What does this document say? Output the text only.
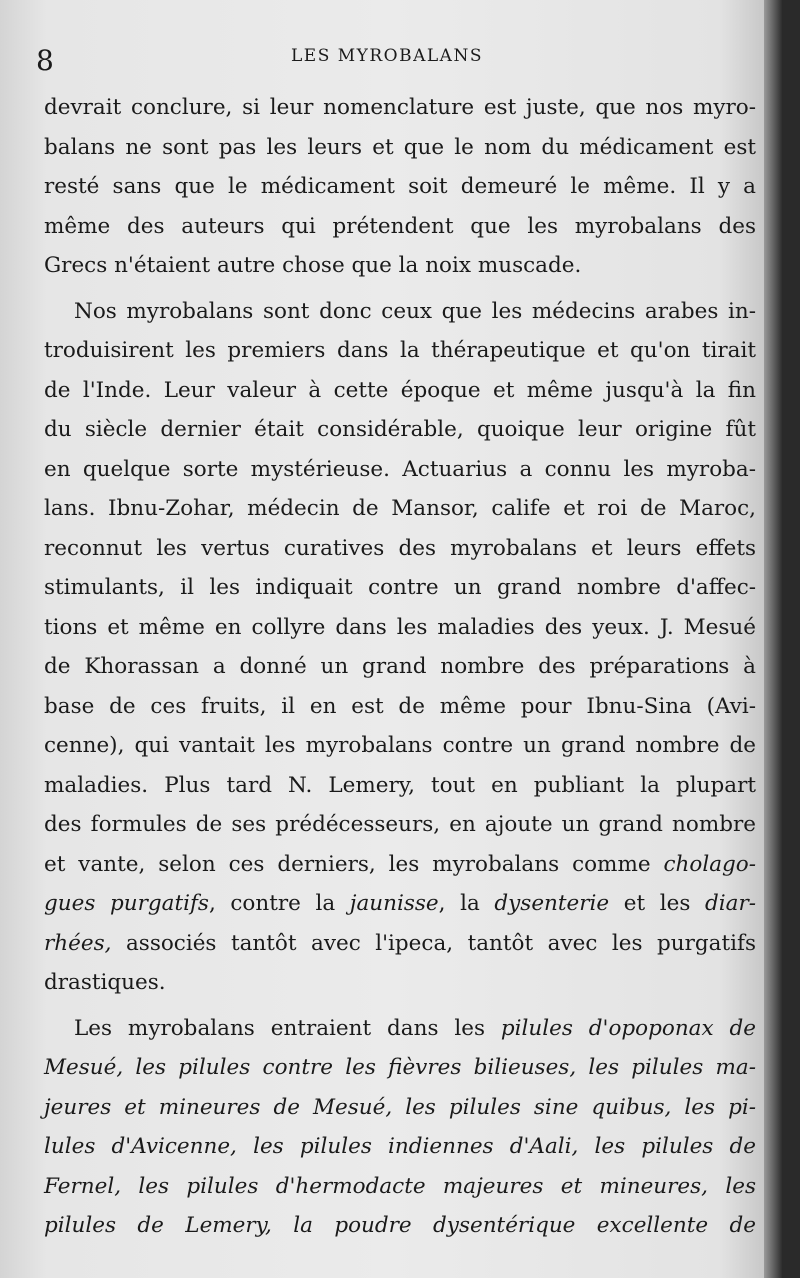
8	LES MYROBALANS

devrait conclure, si leur nomenclature est juste, que nos myro-
balans ne sont pas les leurs et que le nom du médicament est
resté sans que le médicament soit demeuré le même. Il y a
même des auteurs qui prétendent que les myrobalans des
Grecs n'étaient autre chose que la noix muscade.

Nos myrobalans sont donc ceux que les médecins arabes in-
troduisirent les premiers dans la thérapeutique et qu'on tirait
de l'Inde. Leur valeur à cette époque et même jusqu'à la fin
du siècle dernier était considérable, quoique leur origine fût
en quelque sorte mystérieuse. Actuarius a connu les myroba-
lans. Ibnu-Zohar, médecin de Mansor, calife et roi de Maroc,
reconnut les vertus curatives des myrobalans et leurs effets
stimulants, il les indiquait contre un grand nombre d'affec-
tions et même en collyre dans les maladies des yeux. J. Mesué
de Khorassan a donné un grand nombre des préparations à
base de ces fruits, il en est de même pour Ibnu-Sina (Avi-
cenne), qui vantait les myrobalans contre un grand nombre de
maladies. Plus tard N. Lemery, tout en publiant la plupart
des formules de ses prédécesseurs, en ajoute un grand nombre
et vante, selon ces derniers, les myrobalans comme cholago-
gues purgatifs, contre la jaunisse, la dysenterie et les diar-
rhées, associés tantôt avec l'ipeca, tantôt avec les purgatifs
drastiques.

Les myrobalans entraient dans les pilules d'opoponax de
Mesué, les pilules contre les fièvres bilieuses, les pilules ma-
jeures et mineures de Mesué, les pilules sine quibus, les pi-
lules d'Avicenne, les pilules indiennes d'Aali, les pilules de
Fernel, les pilules d'hermodacte majeures et mineures, les
pilules de Lemery, la poudre dysentérique excellente de
